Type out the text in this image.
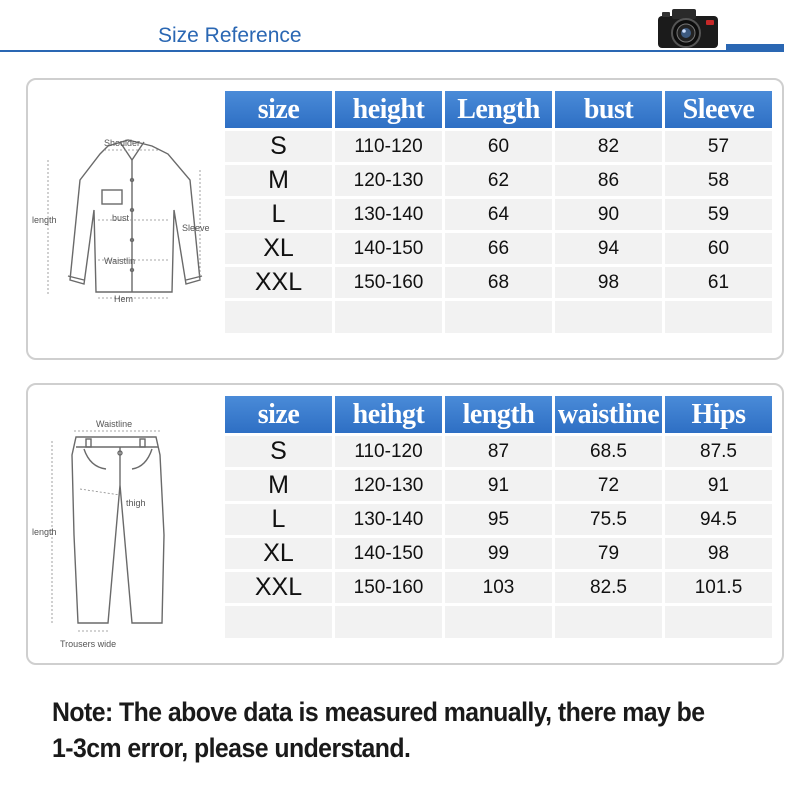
Size Reference
Shoulder
length	bust
Sleeve
Waistlin
Hem
size	height	Length	bust	Sleeve
S	110-120	60	82	57
M	120-130	62	86	58
L	130-140	64	90	59
XL	140-150	66	94	60
XXL	150-160	68	98	61

Waistline
thigh
length
Trousers wide
size	heihgt	length	waistline	Hips
S	110-120	87	68.5	87.5
M	120-130	91	72	91
L	130-140	95	75.5	94.5
XL	140-150	99	79	98
XXL	150-160	103	82.5	101.5

Note: The above data is measured manually, there may be 1-3cm error, please understand.
